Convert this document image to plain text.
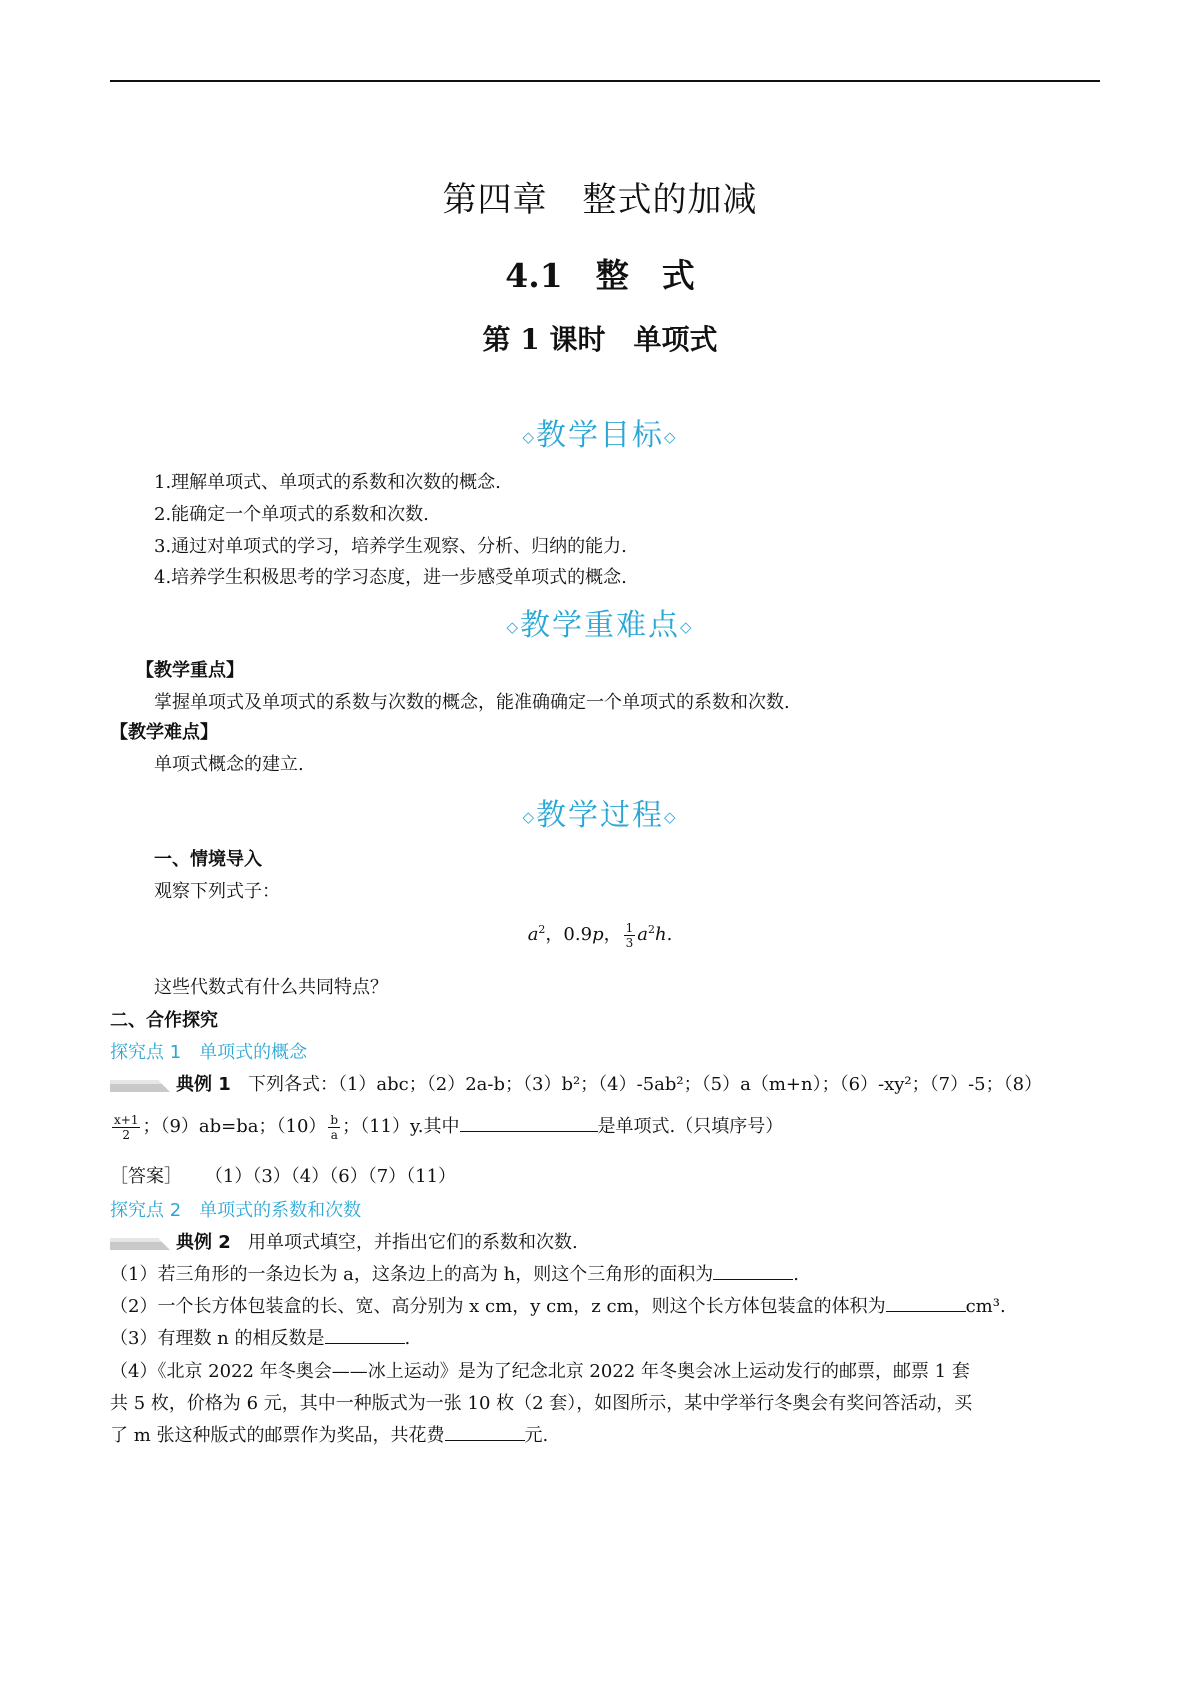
第四章　整式的加减
4.1　整　式
第 1 课时　单项式
◇教学目标◇
1.理解单项式、单项式的系数和次数的概念.
2.能确定一个单项式的系数和次数.
3.通过对单项式的学习，培养学生观察、分析、归纳的能力.
4.培养学生积极思考的学习态度，进一步感受单项式的概念.
◇教学重难点◇
【教学重点】
掌握单项式及单项式的系数与次数的概念，能准确确定一个单项式的系数和次数.
【教学难点】
单项式概念的建立.
◇教学过程◇
一、情境导入
观察下列式子：
$a^2$，0.9p， $\frac{1}{3} a^2h$.
这些代数式有什么共同特点？
二、合作探究
探究点 1　单项式的概念
典例 1 下列各式：（1）abc；（2）2a-b；（3）b²；（4）-5ab²；（5）a（m+n）；（6）-xy²；（7）-5；（8）
$\frac{x+1}{2}$ ；（9）ab=ba；$(10) \frac{b}{a}$ ；（11）y.其中	是单项式.（只填序号）
［答案］ （1）（3）（4）（6）（7）（11）
探究点 2　单项式的系数和次数
典例 2 用单项式填空，并指出它们的系数和次数.
（1）若三角形的一条边长为 a，这条边上的高为 h，则这个三角形的面积为	.
（2）一个长方体包装盒的长、宽、高分别为 x cm，y cm，z cm，则这个长方体包装盒的体积为	cm³.
（3）有理数 n 的相反数是	.
（4）《北京 2022 年冬奥会——冰上运动》是为了纪念北京 2022 年冬奥会冰上运动发行的邮票，邮票 1 套
共 5 枚，价格为 6 元，其中一种版式为一张 10 枚（2 套），如图所示，某中学举行冬奥会有奖问答活动，买
了 m 张这种版式的邮票作为奖品，共花费	元.
